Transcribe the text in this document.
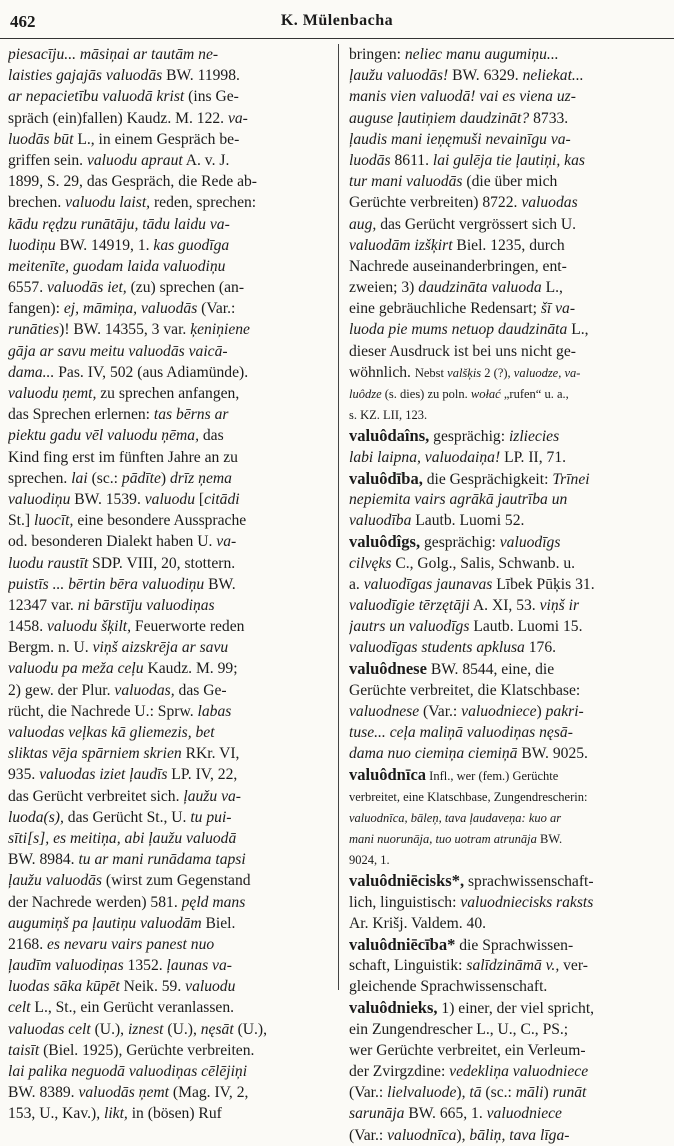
462	K. Mülenbacha
piesacīju... māsiņai ar tautām ne-
laisties gajajās valuodās BW. 11998.
ar nepacietību valuodā krist (ins Ge-
spräch (ein)fallen) Kaudz. M. 122. va-
luodās būt L., in einem Gespräch be-
griffen sein. valuodu apraut A. v. J.
1899, S. 29, das Gespräch, die Rede ab-
brechen. valuodu laist, reden, sprechen:
kādu ręḍzu runātāju, tādu laidu va-
luodiņu BW. 14919, 1. kas guodīga
meitenīte, guodam laida valuodiņu
6557. valuodās iet, (zu) sprechen (an-
fangen): ej, māmiņa, valuodās (Var.:
runāties)! BW. 14355, 3 var. ķeniņiene
gāja ar savu meitu valuodās vaicā-
dama... Pas. IV, 502 (aus Adiamünde).
valuodu ņemt, zu sprechen anfangen,
das Sprechen erlernen: tas bērns ar
piektu gadu vēl valuodu ņēma, das
Kind fing erst im fünften Jahre an zu
sprechen. lai (sc.: pādīte) drīz ņema
valuodiņu BW. 1539. valuodu [citādi
St.] luocīt, eine besondere Aussprache
od. besonderen Dialekt haben U. va-
luodu raustīt SDP. VIII, 20, stottern.
puistīs ... bērtin bēra valuodiņu BW.
12347 var. ni bārstīju valuodiņas
1458. valuodu šķilt, Feuerworte reden
Bergm. n. U. viņš aizskrēja ar savu
valuodu pa meža ceļu Kaudz. M. 99;
2) gew. der Plur. valuodas, das Ge-
rücht, die Nachrede U.: Sprw. labas
valuodas veļkas kā gliemezis, bet
sliktas vēja spārniem skrien RKr. VI,
935. valuodas iziet ļaudīs LP. IV, 22,
das Gerücht verbreitet sich. ļaužu va-
luoda(s), das Gerücht St., U. tu pui-
sīti[s], es meitiņa, abi ļaužu valuodā
BW. 8984. tu ar mani runādama tapsi
ļaužu valuodās (wirst zum Gegenstand
der Nachrede werden) 581. pęld mans
augumiņš pa ļautiņu valuodām Biel.
2168. es nevaru vairs panest nuo
ļaudīm valuodiņas 1352. ļaunas va-
luodas sāka kūpēt Neik. 59. valuodu
celt L., St., ein Gerücht veranlassen.
valuodas celt (U.), iznest (U.), nęsāt (U.),
taisīt (Biel. 1925), Gerüchte verbreiten.
lai palika neguodā valuodiņas cēlējiņi
BW. 8389. valuodās ņemt (Mag. IV, 2,
153, U., Kav.), likt, in (bösen) Ruf
bringen: neliec manu augumiņu...
ļaužu valuodās! BW. 6329. neliekat...
manis vien valuodā! vai es viena uz-
auguse ļautiņiem daudzināt? 8733.
ļaudis mani ieņęmuši nevainīgu va-
luodās 8611. lai gulēja tie ļautiņi, kas
tur mani valuodās (die über mich
Gerüchte verbreiten) 8722. valuodas
aug, das Gerücht vergrössert sich U.
valuodām izšķirt Biel. 1235, durch
Nachrede auseinanderbringen, ent-
zweien; 3) daudzināta valuoda L.,
eine gebräuchliche Redensart; šī va-
luoda pie mums netuop daudzināta L.,
dieser Ausdruck ist bei uns nicht ge-
wöhnlich. Nebst valšķis 2 (?), valuodze, va-
luôdze (s. dies) zu poln. wołać „rufen“ u. a.,
s. KZ. LII, 123.
valuôdaîns, gesprächig: izliecies
labi laipna, valuodaiņa! LP. II, 71.
valuôdība, die Gesprächigkeit: Trīnei
nepiemita vairs agrākā jautrība un
valuodība Lautb. Luomi 52.
valuôdîgs, gesprächig: valuodīgs
cilvęks C., Golg., Salis, Schwanb. u.
a. valuodīgas jaunavas Lībek Pūķis 31.
valuodīgie tērzętāji A. XI, 53. viņš ir
jautrs un valuodīgs Lautb. Luomi 15.
valuodīgas students apklusa 176.
valuôdnese BW. 8544, eine, die
Gerüchte verbreitet, die Klatschbase:
valuodnese (Var.: valuodniece) pakri-
tuse... ceļa maliņā valuodiņas nęsā-
dama nuo ciemiņa ciemiņā BW. 9025.
valuôdnīca Infl., wer (fem.) Gerüchte
verbreitet, eine Klatschbase, Zungendrescherin:
valuodnīca, bāleņ, tava ļaudaveņa: kuo ar
mani nuorunāja, tuo uotram atrunāja BW.
9024, 1.
valuôdniēcisks*, sprachwissenschaft-
lich, linguistisch: valuodniecisks raksts
Ar. Krišj. Valdem. 40.
valuôdniēcība* die Sprachwissen-
schaft, Linguistik: salīdzināmā v., ver-
gleichende Sprachwissenschaft.
valuôdnieks, 1) einer, der viel spricht,
ein Zungendrescher L., U., C., PS.;
wer Gerüchte verbreitet, ein Verleum-
der Zvirgzdine: vedekliņa valuodniece
(Var.: lielvaluode), tā (sc.: māli) runāt
sarunāja BW. 665, 1. valuodniece
(Var.: valuodnīca), bāliņ, tava līga-
